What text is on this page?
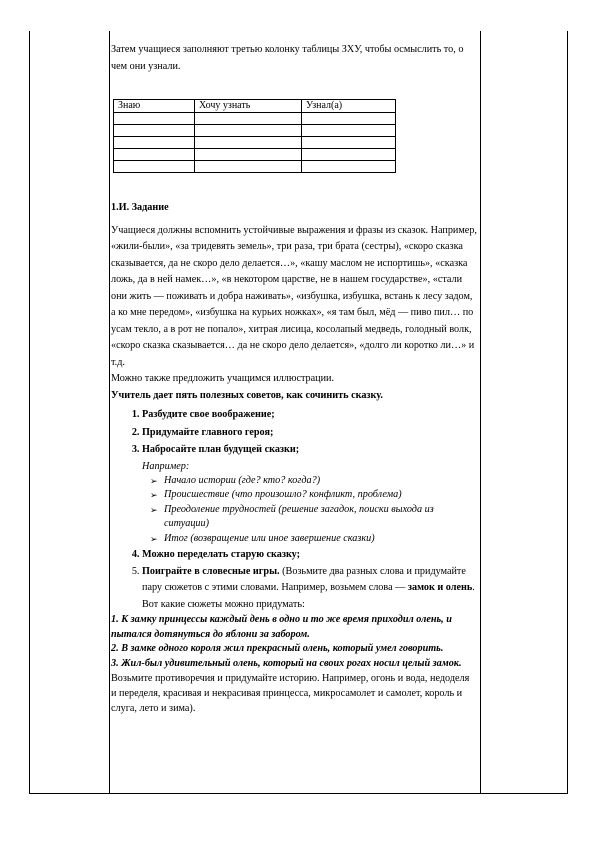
Затем учащиеся заполняют третью колонку таблицы ЗХУ, чтобы осмыслить то, о чем они узнали.

Знаю	Хочу узнать	Узнал(а)

1.И. Задание

Учащиеся должны вспомнить устойчивые выражения и фразы из сказок. Например, «жили-были», «за тридевять земель», три раза, три брата (сестры), «скоро сказка сказывается, да не скоро дело делается…», «кашу маслом не испортишь», «сказка ложь, да в ней намек…», «в некотором царстве, не в нашем государстве», «стали они жить — поживать и добра наживать», «избушка, избушка, встань к лесу задом, а ко мне передом», «избушка на курьих ножках», «я там был, мёд — пиво пил… по усам текло, а в рот не попало», хитрая лисица, косолапый медведь, голодный волк, «скоро сказка сказывается… да не скоро дело делается», «долго ли коротко ли…» и т.д.

Можно также предложить учащимся иллюстрации.

Учитель дает пять полезных советов, как сочинить сказку.

1. Разбудите свое воображение;
2. Придумайте главного героя;
3. Набросайте план будущей сказки;
Например:
➢ Начало истории (где? кто? когда?)
➢ Происшествие (что произошло? конфликт, проблема)
➢ Преодоление трудностей (решение загадок, поиски выхода из ситуации)
➢ Итог (возвращение или иное завершение сказки)
4. Можно переделать старую сказку;
5. Поиграйте в словесные игры. (Возьмите два разных слова и придумайте пару сюжетов с этими словами. Например, возьмем слова — замок и олень. Вот какие сюжеты можно придумать:

1. К замку принцессы каждый день в одно и то же время приходил олень, и пытался дотянуться до яблони за забором.

2. В замке одного короля жил прекрасный олень, который умел говорить.

3. Жил-был удивительный олень, который на своих рогах носил целый замок.

Возьмите противоречия и придумайте историю. Например, огонь и вода, недоделя и переделя, красивая и некрасивая принцесса, микросамолет и самолет, король и слуга, лето и зима).
